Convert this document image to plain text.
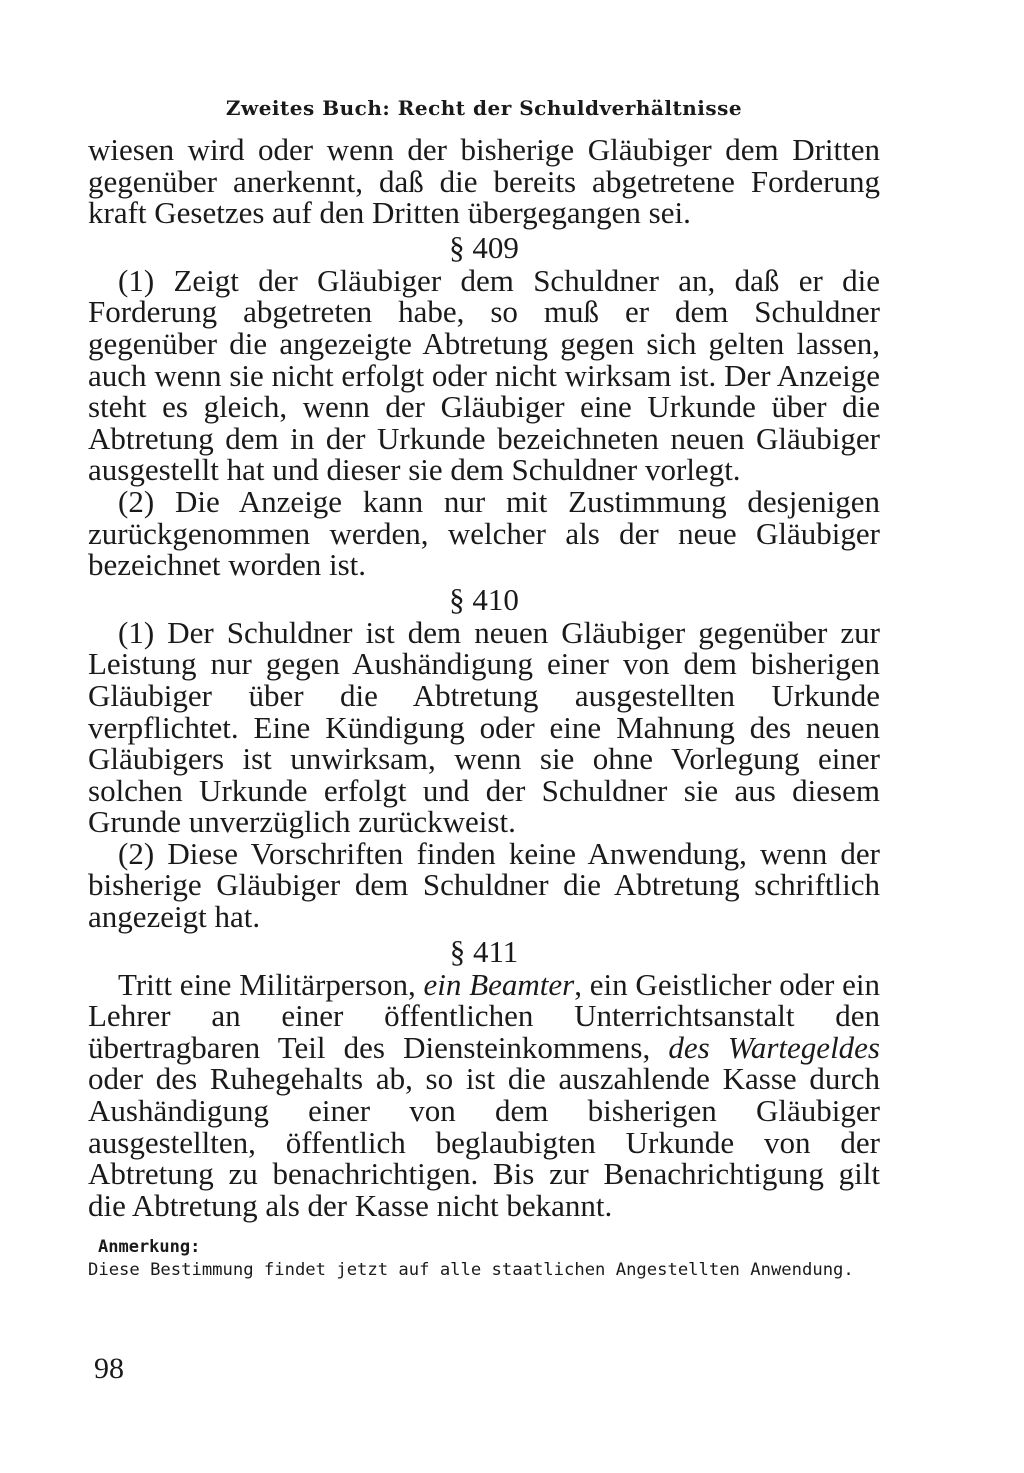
Zweites Buch: Recht der Schuldverhältnisse

wiesen wird oder wenn der bisherige Gläubiger dem Dritten gegenüber anerkennt, daß die bereits abgetretene Forderung kraft Gesetzes auf den Dritten übergegangen sei.

§ 409

(1) Zeigt der Gläubiger dem Schuldner an, daß er die Forderung abgetreten habe, so muß er dem Schuldner gegenüber die angezeigte Abtretung gegen sich gelten lassen, auch wenn sie nicht erfolgt oder nicht wirksam ist. Der Anzeige steht es gleich, wenn der Gläubiger eine Urkunde über die Abtretung dem in der Urkunde bezeichneten neuen Gläubiger ausgestellt hat und dieser sie dem Schuldner vorlegt.

(2) Die Anzeige kann nur mit Zustimmung desjenigen zurückgenommen werden, welcher als der neue Gläubiger bezeichnet worden ist.

§ 410

(1) Der Schuldner ist dem neuen Gläubiger gegenüber zur Leistung nur gegen Aushändigung einer von dem bisherigen Gläubiger über die Abtretung ausgestellten Urkunde verpflichtet. Eine Kündigung oder eine Mahnung des neuen Gläubigers ist unwirksam, wenn sie ohne Vorlegung einer solchen Urkunde erfolgt und der Schuldner sie aus diesem Grunde unverzüglich zurückweist.

(2) Diese Vorschriften finden keine Anwendung, wenn der bisherige Gläubiger dem Schuldner die Abtretung schriftlich angezeigt hat.

§ 411

Tritt eine Militärperson, ein Beamter, ein Geistlicher oder ein Lehrer an einer öffentlichen Unterrichtsanstalt den übertragbaren Teil des Diensteinkommens, des Wartegeldes oder des Ruhegehalts ab, so ist die auszahlende Kasse durch Aushändigung einer von dem bisherigen Gläubiger ausgestellten, öffentlich beglaubigten Urkunde von der Abtretung zu benachrichtigen. Bis zur Benachrichtigung gilt die Abtretung als der Kasse nicht bekannt.

Anmerkung:

Diese Bestimmung findet jetzt auf alle staatlichen Angestellten Anwendung.

98
